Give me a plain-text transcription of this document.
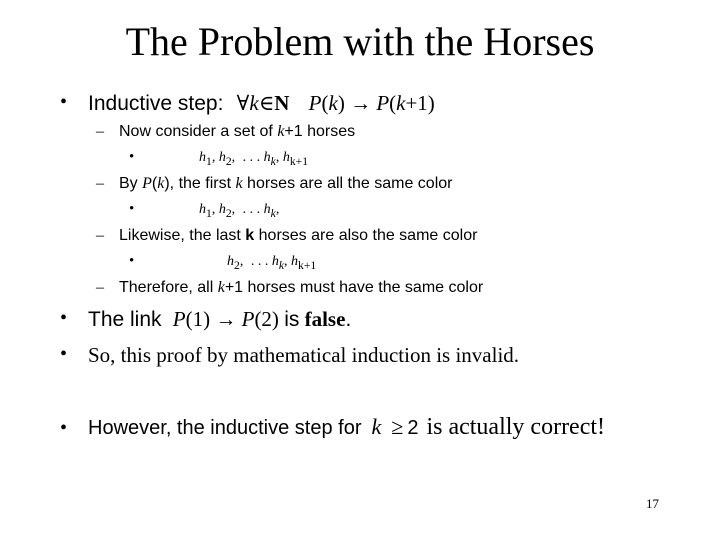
The Problem with the Horses
• Inductive step: ∀k∈N P(k) → P(k+1)
– Now consider a set of k+1 horses
•	$h_1$, $h_2$, . . . $h_k$, $h_{k+1}$
– By P(k), the first k horses are all the same color
•	$h_1$, $h_2$, . . . $h_k$,
– Likewise, the last k horses are also the same color
•	$h_2$, . . . $h_k$, $h_{k+1}$
– Therefore, all k+1 horses must have the same color
• The link P(1) → P(2) is false.
• So, this proof by mathematical induction is invalid.
• However, the inductive step for k ≥ 2 is actually correct!
17
